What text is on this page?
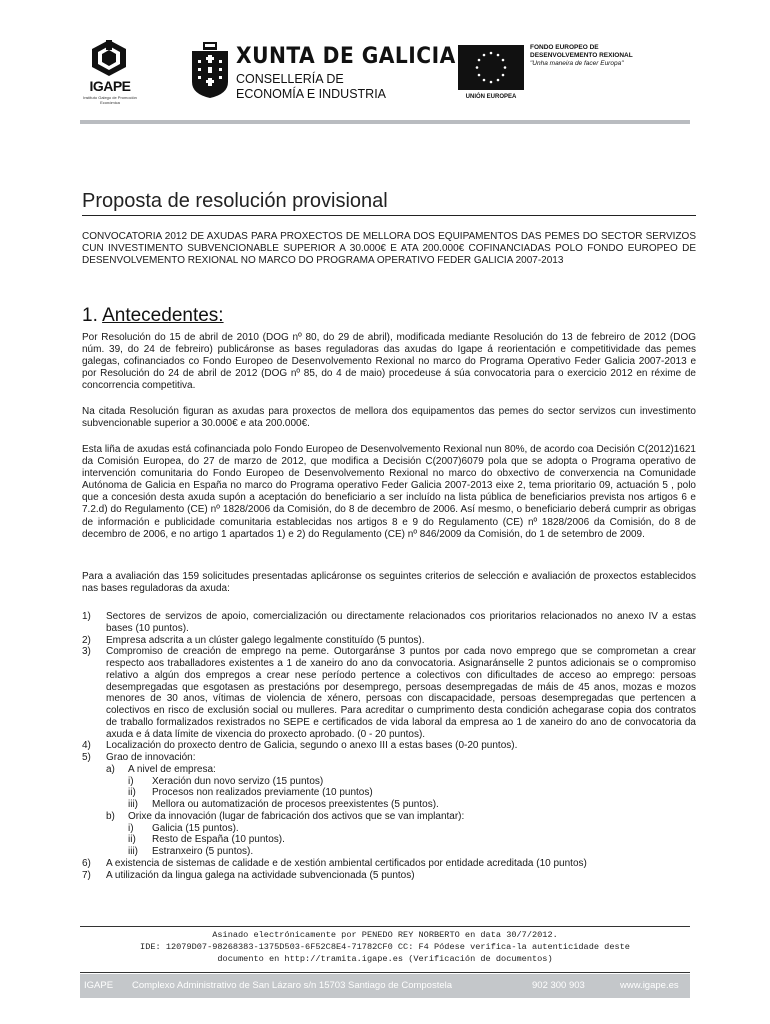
IGAPE
Instituto Galego de Promoción Económica
XUNTA DE GALICIA
CONSELLERÍA DE
ECONOMÍA E INDUSTRIA	UNIÓN EUROPEA
FONDO EUROPEO DE
DESENVOLVEMENTO REXIONAL
"Unha maneira de facer Europa"
Proposta de resolución provisional
CONVOCATORIA 2012 DE AXUDAS PARA PROXECTOS DE MELLORA DOS EQUIPAMENTOS DAS PEMES DO SECTOR SERVIZOS CUN INVESTIMENTO SUBVENCIONABLE SUPERIOR A 30.000€ E ATA 200.000€ COFINANCIADAS POLO FONDO EUROPEO DE DESENVOLVEMENTO REXIONAL NO MARCO DO PROGRAMA OPERATIVO FEDER GALICIA 2007-2013
1. Antecedentes:
Por Resolución do 15 de abril de 2010 (DOG nº 80, do 29 de abril), modificada mediante Resolución do 13 de febreiro de 2012 (DOG núm. 39, do 24 de febreiro) publicáronse as bases reguladoras das axudas do Igape á reorientación e competitividade das pemes galegas, cofinanciados co Fondo Europeo de Desenvolvemento Rexional no marco do Programa Operativo Feder Galicia 2007-2013 e por Resolución do 24 de abril de 2012 (DOG nº 85, do 4 de maio) procedeuse á súa convocatoria para o exercicio 2012 en réxime de concorrencia competitiva.
Na citada Resolución figuran as axudas para proxectos de mellora dos equipamentos das pemes do sector servizos cun investimento subvencionable superior a 30.000€ e ata 200.000€.
Esta liña de axudas está cofinanciada polo Fondo Europeo de Desenvolvemento Rexional nun 80%, de acordo coa Decisión C(2012)1621 da Comisión Europea, do 27 de marzo de 2012, que modifica a Decisión C(2007)6079 pola que se adopta o Programa operativo de intervención comunitaria do Fondo Europeo de Desenvolvemento Rexional no marco do obxectivo de converxencia na Comunidade Autónoma de Galicia en España no marco do Programa operativo Feder Galicia 2007-2013 eixe 2, tema prioritario 09, actuación 5 , polo que a concesión desta axuda supón a aceptación do beneficiario a ser incluído na lista pública de beneficiarios prevista nos artigos 6 e 7.2.d) do Regulamento (CE) nº 1828/2006 da Comisión, do 8 de decembro de 2006. Así mesmo, o beneficiario deberá cumprir as obrigas de información e publicidade comunitaria establecidas nos artigos 8 e 9 do Regulamento (CE) nº 1828/2006 da Comisión, do 8 de decembro de 2006, e no artigo 1 apartados 1) e 2) do Regulamento (CE) nº 846/2009 da Comisión, do 1 de setembro de 2009.
Para a avaliación das 159 solicitudes presentadas aplicáronse os seguintes criterios de selección e avaliación de proxectos establecidos nas bases reguladoras da axuda:
1) Sectores de servizos de apoio, comercialización ou directamente relacionados cos prioritarios relacionados no anexo IV a estas bases (10 puntos).
2) Empresa adscrita a un clúster galego legalmente constituído (5 puntos).
3) Compromiso de creación de emprego na peme. Outorgaránse 3 puntos por cada novo emprego que se comprometan a crear respecto aos traballadores existentes a 1 de xaneiro do ano da convocatoria. Asignaránselle 2 puntos adicionais se o compromiso relativo a algún dos empregos a crear nese período pertence a colectivos con dificultades de acceso ao emprego: persoas desempregadas que esgotasen as prestacións por desemprego, persoas desempregadas de máis de 45 anos, mozas e mozos menores de 30 anos, vítimas de violencia de xénero, persoas con discapacidade, persoas desempregadas que pertencen a colectivos en risco de exclusión social ou mulleres. Para acreditar o cumprimento desta condición achegarase copia dos contratos de traballo formalizados rexistrados no SEPE e certificados de vida laboral da empresa ao 1 de xaneiro do ano de convocatoria da axuda e á data límite de vixencia do proxecto aprobado. (0 - 20 puntos).
4) Localización do proxecto dentro de Galicia, segundo o anexo III a estas bases (0-20 puntos).
5) Grao de innovación:
a) A nivel de empresa:
i) Xeración dun novo servizo (15 puntos)
ii) Procesos non realizados previamente (10 puntos)
iii) Mellora ou automatización de procesos preexistentes (5 puntos).
b) Orixe da innovación (lugar de fabricación dos activos que se van implantar):
i) Galicia (15 puntos).
ii) Resto de España (10 puntos).
iii) Estranxeiro (5 puntos).
6) A existencia de sistemas de calidade e de xestión ambiental certificados por entidade acreditada (10 puntos)
7) A utilización da lingua galega na actividade subvencionada (5 puntos)
Asinado electrónicamente por PENEDO REY NORBERTO en data 30/7/2012.
IDE: 12079D07-98268383-1375D503-6F52C8E4-71782CF0 CC: F4 Pódese verifica-la autenticidade deste
documento en http://tramita.igape.es (Verificación de documentos)
IGAPE Complexo Administrativo de San Lázaro s/n 15703 Santiago de Compostela	902 300 903	www.igape.es
